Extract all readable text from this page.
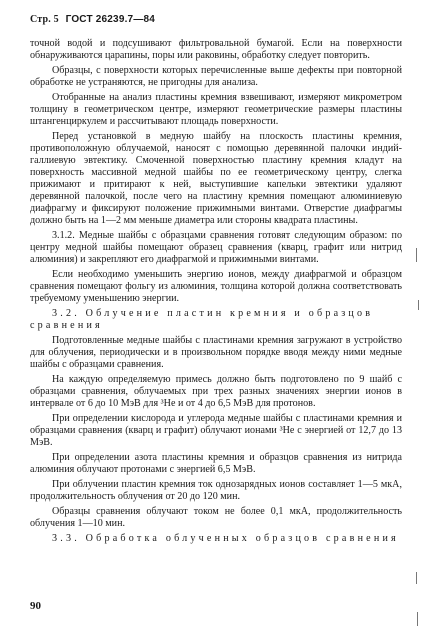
Стр. 5 ГОСТ 26239.7—84

точной водой и подсушивают фильтровальной бумагой. Если на поверхности обнаруживаются царапины, поры или раковины, обработку следует повторить.

Образцы, с поверхности которых перечисленные выше дефекты при повторной обработке не устраняются, не пригодны для анализа.

Отобранные на анализ пластины кремния взвешивают, измеряют микрометром толщину в геометрическом центре, измеряют геометрические размеры пластины штангенциркулем и рассчитывают площадь поверхности.

Перед установкой в медную шайбу на плоскость пластины кремния, противоположную облучаемой, наносят с помощью деревянной палочки индий-галлиевую эвтектику. Смоченной поверхностью пластину кремния кладут на поверхность массивной медной шайбы по ее геометрическому центру, слегка прижимают и притирают к ней, выступившие капельки эвтектики удаляют деревянной палочкой, после чего на пластину кремния помещают алюминиевую диафрагму и фиксируют положение прижимными винтами. Отверстие диафрагмы должно быть на 1—2 мм меньше диаметра или стороны квадрата пластины.

3.1.2. Медные шайбы с образцами сравнения готовят следующим образом: по центру медной шайбы помещают образец сравнения (кварц, графит или нитрид алюминия) и закрепляют его диафрагмой и прижимными винтами.

Если необходимо уменьшить энергию ионов, между диафрагмой и образцом сравнения помещают фольгу из алюминия, толщина которой должна соответствовать требуемому уменьшению энергии.

3.2. Облучение пластин кремния и образцов сравнения

Подготовленные медные шайбы с пластинами кремния загружают в устройство для облучения, периодически и в произвольном порядке вводя между ними медные шайбы с образцами сравнения.

На каждую определяемую примесь должно быть подготовлено по 9 шайб с образцами сравнения, облучаемых при трех разных значениях энергии ионов в интервале от 6 до 10 МэВ для ³He и от 4 до 6,5 МэВ для протонов.

При определении кислорода и углерода медные шайбы с пластинами кремния и образцами сравнения (кварц и графит) облучают ионами ³He с энергией от 12,7 до 13 МэВ.

При определении азота пластины кремния и образцов сравнения из нитрида алюминия облучают протонами с энергией 6,5 МэВ.

При облучении пластин кремния ток однозарядных ионов составляет 1—5 мкА, продолжительность облучения от 20 до 120 мин.

Образцы сравнения облучают током не более 0,1 мкА, продолжительность облучения 1—10 мин.

3.3. Обработка облученных образцов сравнения

90
